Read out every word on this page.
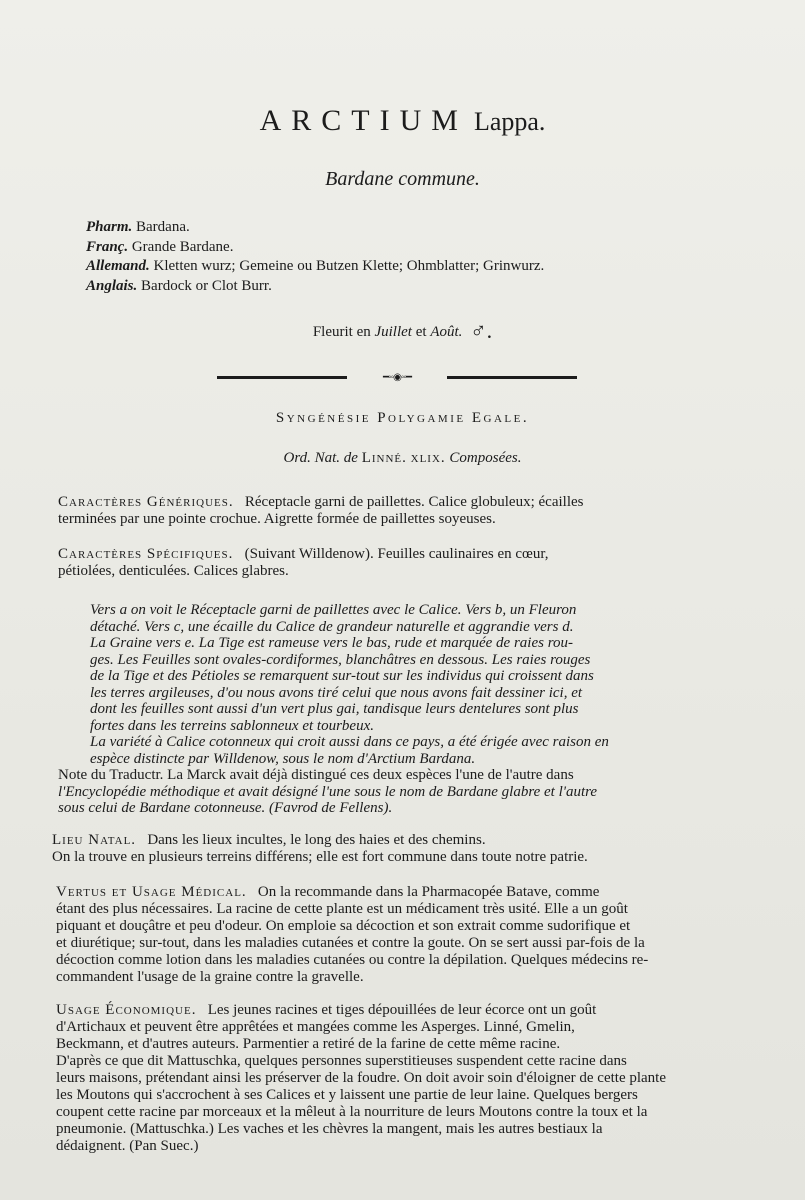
ARCTIUM Lappa.
Bardane commune.
Pharm. Bardana.
Franç. Grande Bardane.
Allemand. Kletten wurz; Gemeine ou Butzen Klette; Ohmblatter; Grinwurz.
Anglais. Bardock or Clot Burr.
Fleurit en Juillet et Août. ♂.
━◦◦◉◦◦━
Syngénésie Polygamie Egale.
Ord. Nat. de Linné. xlix. Composées.
Caractères Génériques. Réceptacle garni de paillettes. Calice globuleux; écailles
terminées par une pointe crochue. Aigrette formée de paillettes soyeuses.
Caractères Spécifiques. (Suivant Willdenow). Feuilles caulinaires en cœur,
pétiolées, denticulées. Calices glabres.
Vers a on voit le Réceptacle garni de paillettes avec le Calice. Vers b, un Fleuron
détaché. Vers c, une écaille du Calice de grandeur naturelle et aggrandie vers d.
La Graine vers e. La Tige est rameuse vers le bas, rude et marquée de raies rou-
ges. Les Feuilles sont ovales-cordiformes, blanchâtres en dessous. Les raies rouges
de la Tige et des Pétioles se remarquent sur-tout sur les individus qui croissent dans
les terres argileuses, d'ou nous avons tiré celui que nous avons fait dessiner ici, et
dont les feuilles sont aussi d'un vert plus gai, tandisque leurs dentelures sont plus
fortes dans les terreins sablonneux et tourbeux.
La variété à Calice cotonneux qui croit aussi dans ce pays, a été érigée avec raison en
espèce distincte par Willdenow, sous le nom d'Arctium Bardana.
Note du Traductr. La Marck avait déjà distingué ces deux espèces l'une de l'autre dans
l'Encyclopédie méthodique et avait désigné l'une sous le nom de Bardane glabre et l'autre
sous celui de Bardane cotonneuse. (Favrod de Fellens).
Lieu Natal. Dans les lieux incultes, le long des haies et des chemins.
On la trouve en plusieurs terreins différens; elle est fort commune dans toute notre patrie.
Vertus et Usage Médical. On la recommande dans la Pharmacopée Batave, comme
étant des plus nécessaires. La racine de cette plante est un médicament très usité. Elle a un goût
piquant et douçâtre et peu d'odeur. On emploie sa décoction et son extrait comme sudorifique et
et diurétique; sur-tout, dans les maladies cutanées et contre la goute. On se sert aussi par-fois de la
décoction comme lotion dans les maladies cutanées ou contre la dépilation. Quelques médecins re-
commandent l'usage de la graine contre la gravelle.
Usage Économique. Les jeunes racines et tiges dépouillées de leur écorce ont un goût
d'Artichaux et peuvent être apprêtées et mangées comme les Asperges. Linné, Gmelin,
Beckmann, et d'autres auteurs. Parmentier a retiré de la farine de cette même racine.
D'après ce que dit Mattuschka, quelques personnes superstitieuses suspendent cette racine dans
leurs maisons, prétendant ainsi les préserver de la foudre. On doit avoir soin d'éloigner de cette plante
les Moutons qui s'accrochent à ses Calices et y laissent une partie de leur laine. Quelques bergers
coupent cette racine par morceaux et la mêleut à la nourriture de leurs Moutons contre la toux et la
pneumonie. (Mattuschka.) Les vaches et les chèvres la mangent, mais les autres bestiaux la
dédaignent. (Pan Suec.)
